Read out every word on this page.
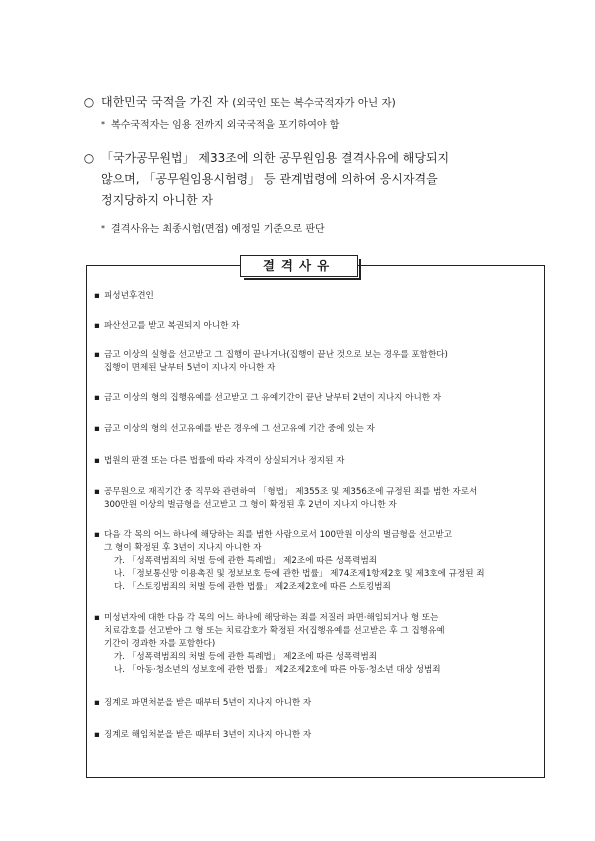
○ 대한민국 국적을 가진 자 (외국인 또는 복수국적자가 아닌 자)
* 복수국적자는 임용 전까지 외국국적을 포기하여야 함
○ 「국가공무원법」 제33조에 의한 공무원임용 결격사유에 해당되지
않으며, 「공무원임용시험령」 등 관계법령에 의하여 응시자격을
정지당하지 아니한 자
* 결격사유는 최종시험(면접) 예정일 기준으로 판단
결격사유
▪ 피성년후견인
▪ 파산선고를 받고 복권되지 아니한 자
▪ 금고 이상의 실형을 선고받고 그 집행이 끝나거나(집행이 끝난 것으로 보는 경우를 포함한다)
집행이 면제된 날부터 5년이 지나지 아니한 자
▪ 금고 이상의 형의 집행유예를 선고받고 그 유예기간이 끝난 날부터 2년이 지나지 아니한 자
▪ 금고 이상의 형의 선고유예를 받은 경우에 그 선고유예 기간 중에 있는 자
▪ 법원의 판결 또는 다른 법률에 따라 자격이 상실되거나 정지된 자
▪ 공무원으로 재직기간 중 직무와 관련하여 「형법」 제355조 및 제356조에 규정된 죄를 범한 자로서
300만원 이상의 벌금형을 선고받고 그 형이 확정된 후 2년이 지나지 아니한 자
▪ 다음 각 목의 어느 하나에 해당하는 죄를 범한 사람으로서 100만원 이상의 벌금형을 선고받고
그 형이 확정된 후 3년이 지나지 아니한 자
가. 「성폭력범죄의 처벌 등에 관한 특례법」 제2조에 따른 성폭력범죄
나. 「정보통신망 이용촉진 및 정보보호 등에 관한 법률」 제74조제1항제2호 및 제3호에 규정된 죄
다. 「스토킹범죄의 처벌 등에 관한 법률」 제2조제2호에 따른 스토킹범죄
▪ 미성년자에 대한 다음 각 목의 어느 하나에 해당하는 죄를 저질러 파면·해임되거나 형 또는
치료감호를 선고받아 그 형 또는 치료감호가 확정된 자(집행유예를 선고받은 후 그 집행유예
기간이 경과한 자를 포함한다)
가. 「성폭력범죄의 처벌 등에 관한 특례법」 제2조에 따른 성폭력범죄
나. 「아동·청소년의 성보호에 관한 법률」 제2조제2호에 따른 아동·청소년 대상 성범죄
▪ 징계로 파면처분을 받은 때부터 5년이 지나지 아니한 자
▪ 징계로 해임처분을 받은 때부터 3년이 지나지 아니한 자
